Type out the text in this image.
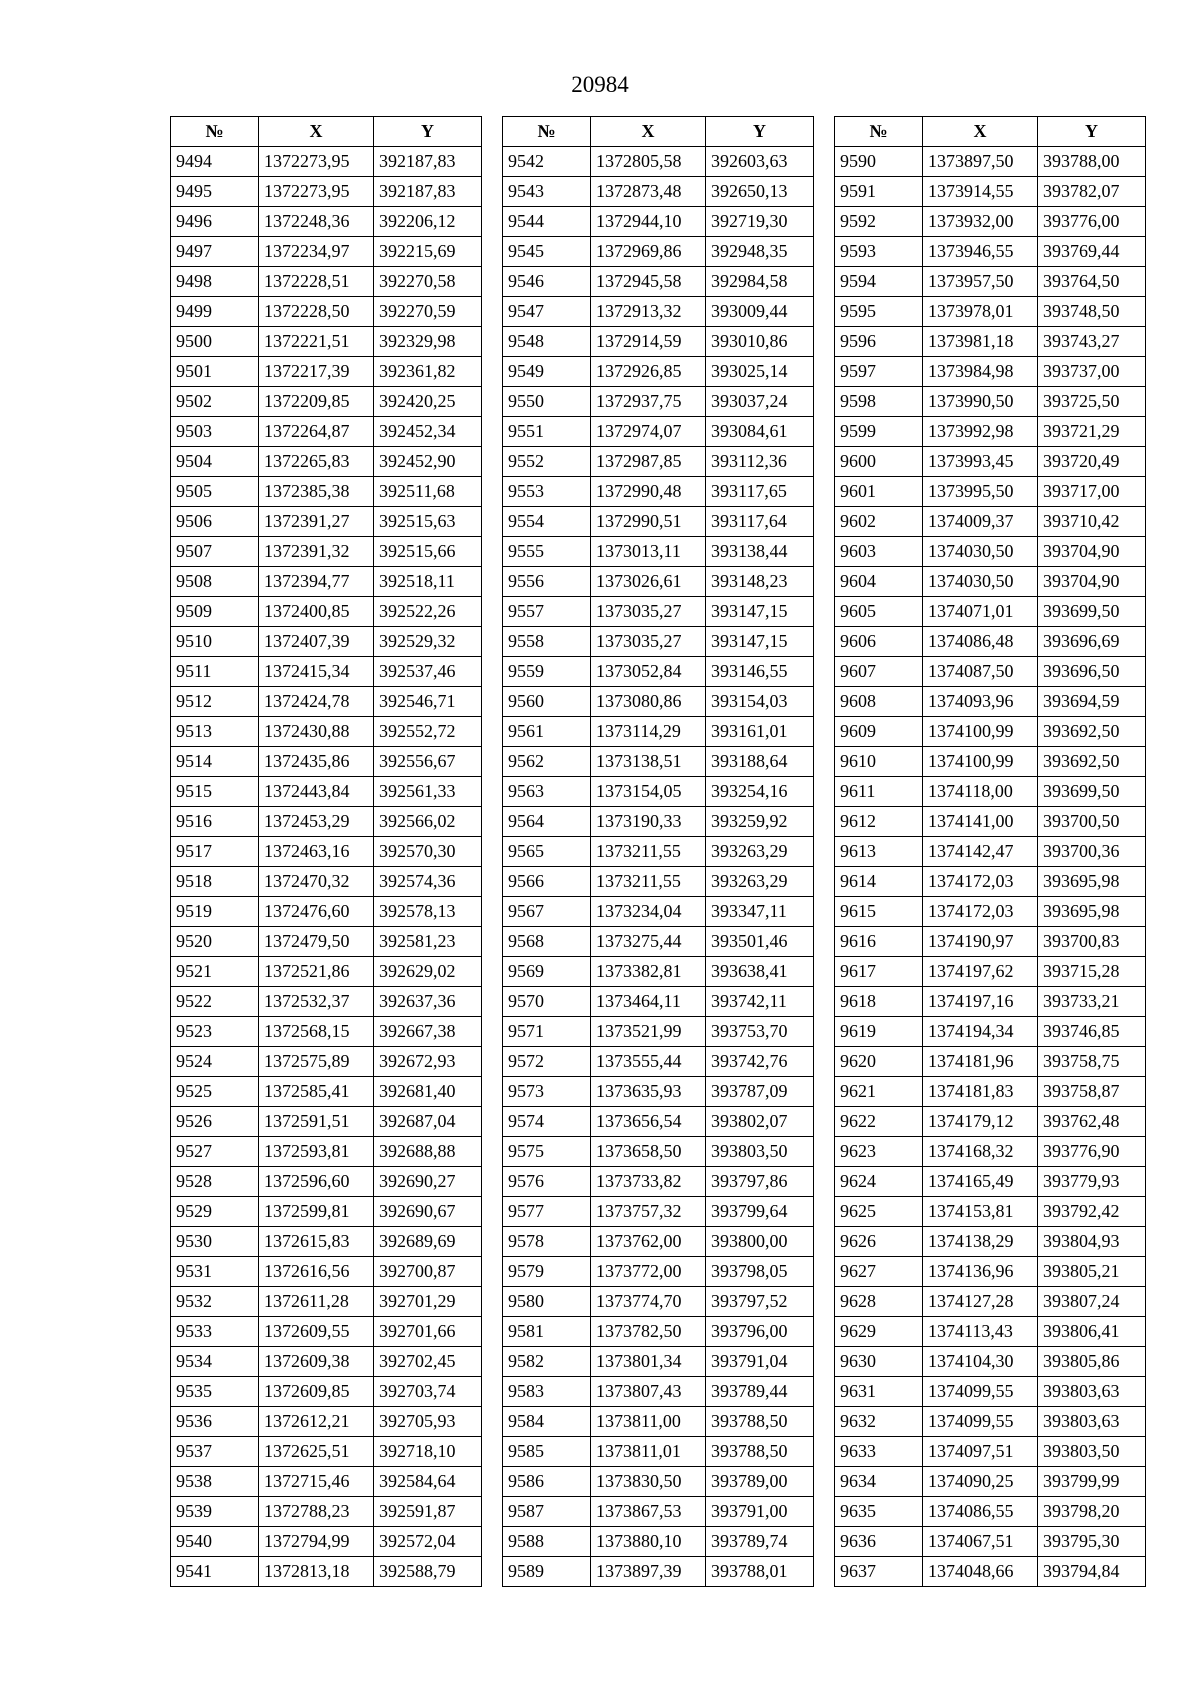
20984
№	X	Y
9494	1372273,95	392187,83
9495	1372273,95	392187,83
9496	1372248,36	392206,12
9497	1372234,97	392215,69
9498	1372228,51	392270,58
9499	1372228,50	392270,59
9500	1372221,51	392329,98
9501	1372217,39	392361,82
9502	1372209,85	392420,25
9503	1372264,87	392452,34
9504	1372265,83	392452,90
9505	1372385,38	392511,68
9506	1372391,27	392515,63
9507	1372391,32	392515,66
9508	1372394,77	392518,11
9509	1372400,85	392522,26
9510	1372407,39	392529,32
9511	1372415,34	392537,46
9512	1372424,78	392546,71
9513	1372430,88	392552,72
9514	1372435,86	392556,67
9515	1372443,84	392561,33
9516	1372453,29	392566,02
9517	1372463,16	392570,30
9518	1372470,32	392574,36
9519	1372476,60	392578,13
9520	1372479,50	392581,23
9521	1372521,86	392629,02
9522	1372532,37	392637,36
9523	1372568,15	392667,38
9524	1372575,89	392672,93
9525	1372585,41	392681,40
9526	1372591,51	392687,04
9527	1372593,81	392688,88
9528	1372596,60	392690,27
9529	1372599,81	392690,67
9530	1372615,83	392689,69
9531	1372616,56	392700,87
9532	1372611,28	392701,29
9533	1372609,55	392701,66
9534	1372609,38	392702,45
9535	1372609,85	392703,74
9536	1372612,21	392705,93
9537	1372625,51	392718,10
9538	1372715,46	392584,64
9539	1372788,23	392591,87
9540	1372794,99	392572,04
9541	1372813,18	392588,79
№	X	Y
9542	1372805,58	392603,63
9543	1372873,48	392650,13
9544	1372944,10	392719,30
9545	1372969,86	392948,35
9546	1372945,58	392984,58
9547	1372913,32	393009,44
9548	1372914,59	393010,86
9549	1372926,85	393025,14
9550	1372937,75	393037,24
9551	1372974,07	393084,61
9552	1372987,85	393112,36
9553	1372990,48	393117,65
9554	1372990,51	393117,64
9555	1373013,11	393138,44
9556	1373026,61	393148,23
9557	1373035,27	393147,15
9558	1373035,27	393147,15
9559	1373052,84	393146,55
9560	1373080,86	393154,03
9561	1373114,29	393161,01
9562	1373138,51	393188,64
9563	1373154,05	393254,16
9564	1373190,33	393259,92
9565	1373211,55	393263,29
9566	1373211,55	393263,29
9567	1373234,04	393347,11
9568	1373275,44	393501,46
9569	1373382,81	393638,41
9570	1373464,11	393742,11
9571	1373521,99	393753,70
9572	1373555,44	393742,76
9573	1373635,93	393787,09
9574	1373656,54	393802,07
9575	1373658,50	393803,50
9576	1373733,82	393797,86
9577	1373757,32	393799,64
9578	1373762,00	393800,00
9579	1373772,00	393798,05
9580	1373774,70	393797,52
9581	1373782,50	393796,00
9582	1373801,34	393791,04
9583	1373807,43	393789,44
9584	1373811,00	393788,50
9585	1373811,01	393788,50
9586	1373830,50	393789,00
9587	1373867,53	393791,00
9588	1373880,10	393789,74
9589	1373897,39	393788,01
№	X	Y
9590	1373897,50	393788,00
9591	1373914,55	393782,07
9592	1373932,00	393776,00
9593	1373946,55	393769,44
9594	1373957,50	393764,50
9595	1373978,01	393748,50
9596	1373981,18	393743,27
9597	1373984,98	393737,00
9598	1373990,50	393725,50
9599	1373992,98	393721,29
9600	1373993,45	393720,49
9601	1373995,50	393717,00
9602	1374009,37	393710,42
9603	1374030,50	393704,90
9604	1374030,50	393704,90
9605	1374071,01	393699,50
9606	1374086,48	393696,69
9607	1374087,50	393696,50
9608	1374093,96	393694,59
9609	1374100,99	393692,50
9610	1374100,99	393692,50
9611	1374118,00	393699,50
9612	1374141,00	393700,50
9613	1374142,47	393700,36
9614	1374172,03	393695,98
9615	1374172,03	393695,98
9616	1374190,97	393700,83
9617	1374197,62	393715,28
9618	1374197,16	393733,21
9619	1374194,34	393746,85
9620	1374181,96	393758,75
9621	1374181,83	393758,87
9622	1374179,12	393762,48
9623	1374168,32	393776,90
9624	1374165,49	393779,93
9625	1374153,81	393792,42
9626	1374138,29	393804,93
9627	1374136,96	393805,21
9628	1374127,28	393807,24
9629	1374113,43	393806,41
9630	1374104,30	393805,86
9631	1374099,55	393803,63
9632	1374099,55	393803,63
9633	1374097,51	393803,50
9634	1374090,25	393799,99
9635	1374086,55	393798,20
9636	1374067,51	393795,30
9637	1374048,66	393794,84
